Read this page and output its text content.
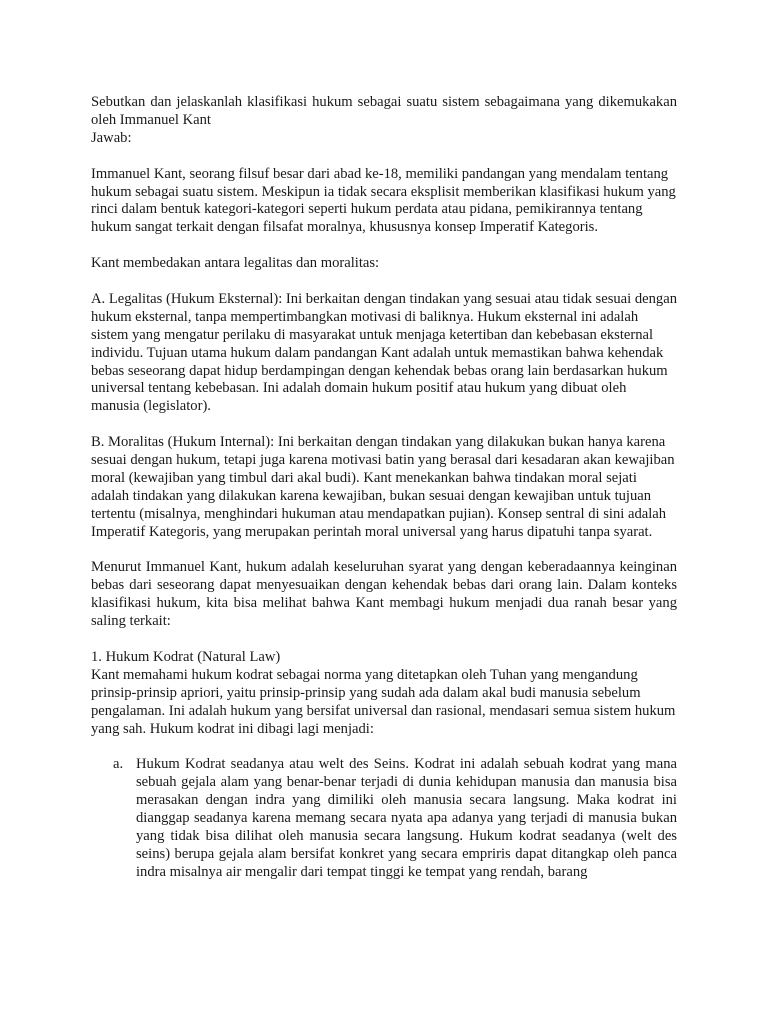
Sebutkan dan jelaskanlah klasifikasi hukum sebagai suatu sistem sebagaimana yang dikemukakan oleh Immanuel Kant

Jawab:

Immanuel Kant, seorang filsuf besar dari abad ke-18, memiliki pandangan yang mendalam tentang hukum sebagai suatu sistem. Meskipun ia tidak secara eksplisit memberikan klasifikasi hukum yang rinci dalam bentuk kategori-kategori seperti hukum perdata atau pidana, pemikirannya tentang hukum sangat terkait dengan filsafat moralnya, khususnya konsep Imperatif Kategoris.

Kant membedakan antara legalitas dan moralitas:

A. Legalitas (Hukum Eksternal): Ini berkaitan dengan tindakan yang sesuai atau tidak sesuai dengan hukum eksternal, tanpa mempertimbangkan motivasi di baliknya. Hukum eksternal ini adalah sistem yang mengatur perilaku di masyarakat untuk menjaga ketertiban dan kebebasan eksternal individu. Tujuan utama hukum dalam pandangan Kant adalah untuk memastikan bahwa kehendak bebas seseorang dapat hidup berdampingan dengan kehendak bebas orang lain berdasarkan hukum universal tentang kebebasan. Ini adalah domain hukum positif atau hukum yang dibuat oleh manusia (legislator).

B. Moralitas (Hukum Internal): Ini berkaitan dengan tindakan yang dilakukan bukan hanya karena sesuai dengan hukum, tetapi juga karena motivasi batin yang berasal dari kesadaran akan kewajiban moral (kewajiban yang timbul dari akal budi). Kant menekankan bahwa tindakan moral sejati adalah tindakan yang dilakukan karena kewajiban, bukan sesuai dengan kewajiban untuk tujuan tertentu (misalnya, menghindari hukuman atau mendapatkan pujian). Konsep sentral di sini adalah Imperatif Kategoris, yang merupakan perintah moral universal yang harus dipatuhi tanpa syarat.

Menurut Immanuel Kant, hukum adalah keseluruhan syarat yang dengan keberadaannya keinginan bebas dari seseorang dapat menyesuaikan dengan kehendak bebas dari orang lain. Dalam konteks klasifikasi hukum, kita bisa melihat bahwa Kant membagi hukum menjadi dua ranah besar yang saling terkait:

1. Hukum Kodrat (Natural Law)

Kant memahami hukum kodrat sebagai norma yang ditetapkan oleh Tuhan yang mengandung prinsip-prinsip apriori, yaitu prinsip-prinsip yang sudah ada dalam akal budi manusia sebelum pengalaman. Ini adalah hukum yang bersifat universal dan rasional, mendasari semua sistem hukum yang sah. Hukum kodrat ini dibagi lagi menjadi:

a. Hukum Kodrat seadanya atau welt des Seins. Kodrat ini adalah sebuah kodrat yang mana sebuah gejala alam yang benar-benar terjadi di dunia kehidupan manusia dan manusia bisa merasakan dengan indra yang dimiliki oleh manusia secara langsung. Maka kodrat ini dianggap seadanya karena memang secara nyata apa adanya yang terjadi di manusia bukan yang tidak bisa dilihat oleh manusia secara langsung. Hukum kodrat seadanya (welt des seins) berupa gejala alam bersifat konkret yang secara empriris dapat ditangkap oleh panca indra misalnya air mengalir dari tempat tinggi ke tempat yang rendah, barang
